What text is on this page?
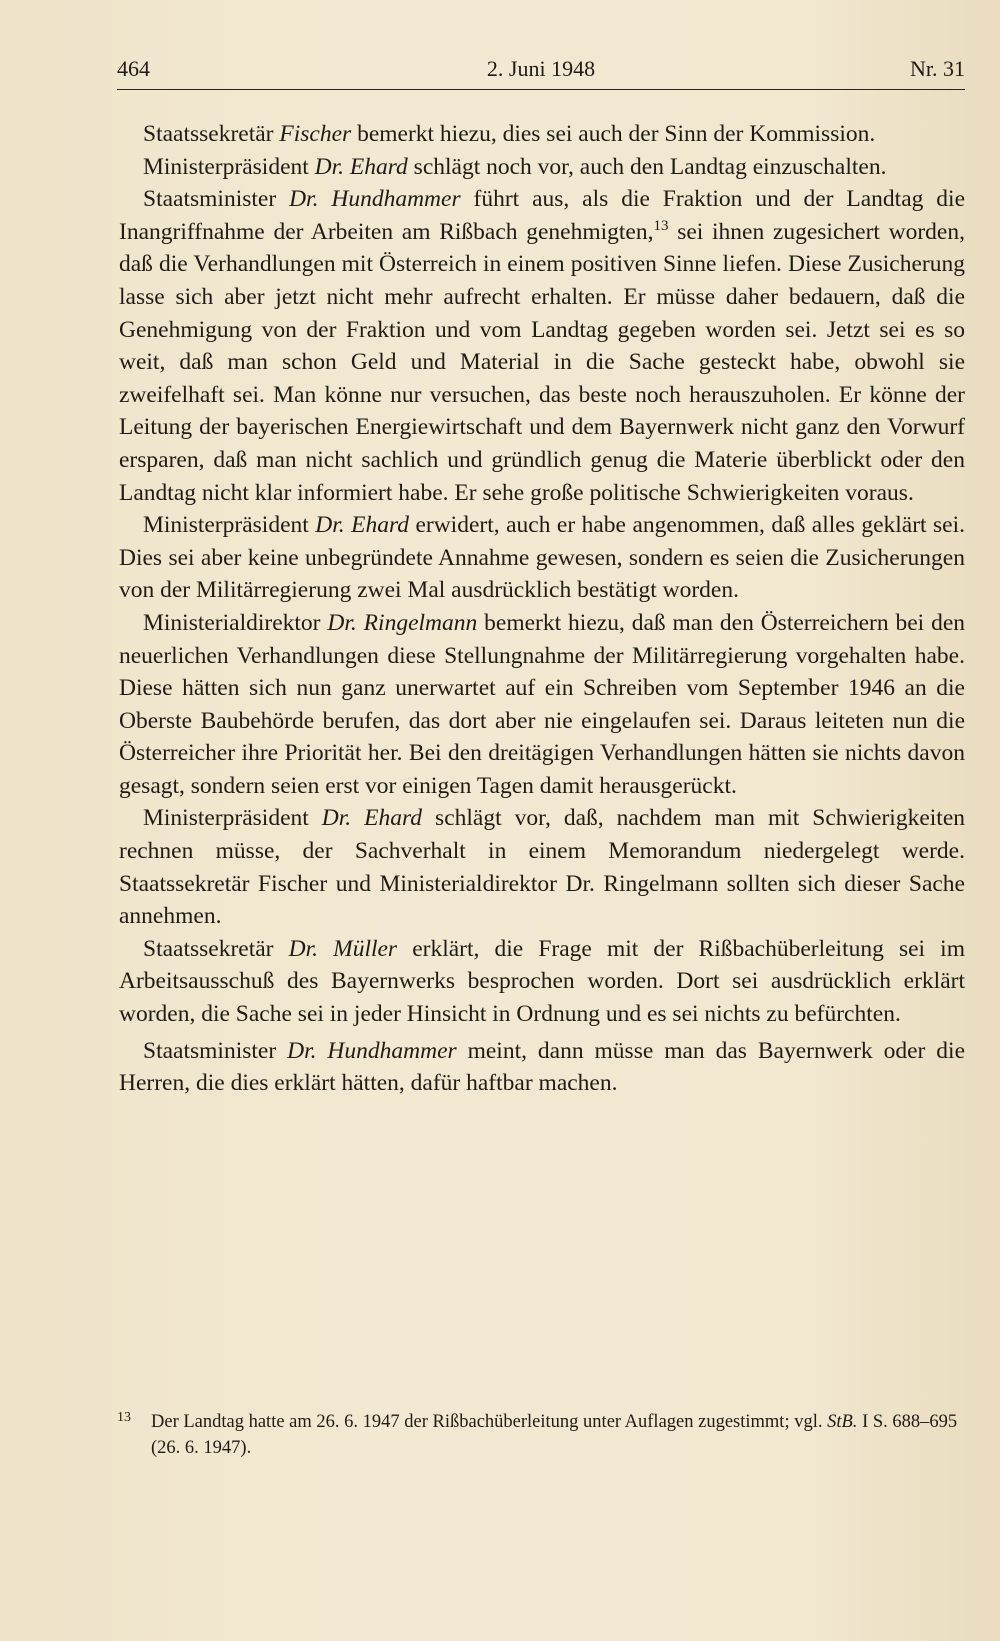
464	2. Juni 1948	Nr. 31

Staatssekretär Fischer bemerkt hiezu, dies sei auch der Sinn der Kommission.

Ministerpräsident Dr. Ehard schlägt noch vor, auch den Landtag einzuschalten.

Staatsminister Dr. Hundhammer führt aus, als die Fraktion und der Landtag die Inangriffnahme der Arbeiten am Rißbach genehmigten,$^{13}$ sei ihnen zugesichert worden, daß die Verhandlungen mit Österreich in einem positiven Sinne liefen. Diese Zusicherung lasse sich aber jetzt nicht mehr aufrecht erhalten. Er müsse daher bedauern, daß die Genehmigung von der Fraktion und vom Landtag gegeben worden sei. Jetzt sei es so weit, daß man schon Geld und Material in die Sache gesteckt habe, obwohl sie zweifelhaft sei. Man könne nur versuchen, das beste noch herauszuholen. Er könne der Leitung der bayerischen Energiewirtschaft und dem Bayernwerk nicht ganz den Vorwurf ersparen, daß man nicht sachlich und gründlich genug die Materie überblickt oder den Landtag nicht klar informiert habe. Er sehe große politische Schwierigkeiten voraus.

Ministerpräsident Dr. Ehard erwidert, auch er habe angenommen, daß alles geklärt sei. Dies sei aber keine unbegründete Annahme gewesen, sondern es seien die Zusicherungen von der Militärregierung zwei Mal ausdrücklich bestätigt worden.

Ministerialdirektor Dr. Ringelmann bemerkt hiezu, daß man den Österreichern bei den neuerlichen Verhandlungen diese Stellungnahme der Militärregierung vorgehalten habe. Diese hätten sich nun ganz unerwartet auf ein Schreiben vom September 1946 an die Oberste Baubehörde berufen, das dort aber nie eingelaufen sei. Daraus leiteten nun die Österreicher ihre Priorität her. Bei den dreitägigen Verhandlungen hätten sie nichts davon gesagt, sondern seien erst vor einigen Tagen damit herausgerückt.

Ministerpräsident Dr. Ehard schlägt vor, daß, nachdem man mit Schwierigkeiten rechnen müsse, der Sachverhalt in einem Memorandum niedergelegt werde. Staatssekretär Fischer und Ministerialdirektor Dr. Ringelmann sollten sich dieser Sache annehmen.

Staatssekretär Dr. Müller erklärt, die Frage mit der Rißbachüberleitung sei im Arbeitsausschuß des Bayernwerks besprochen worden. Dort sei ausdrücklich erklärt worden, die Sache sei in jeder Hinsicht in Ordnung und es sei nichts zu befürchten.

Staatsminister Dr. Hundhammer meint, dann müsse man das Bayernwerk oder die Herren, die dies erklärt hätten, dafür haftbar machen.

13	Der Landtag hatte am 26. 6. 1947 der Rißbachüberleitung unter Auflagen zugestimmt; vgl. StB. I S. 688–695 (26. 6. 1947).
